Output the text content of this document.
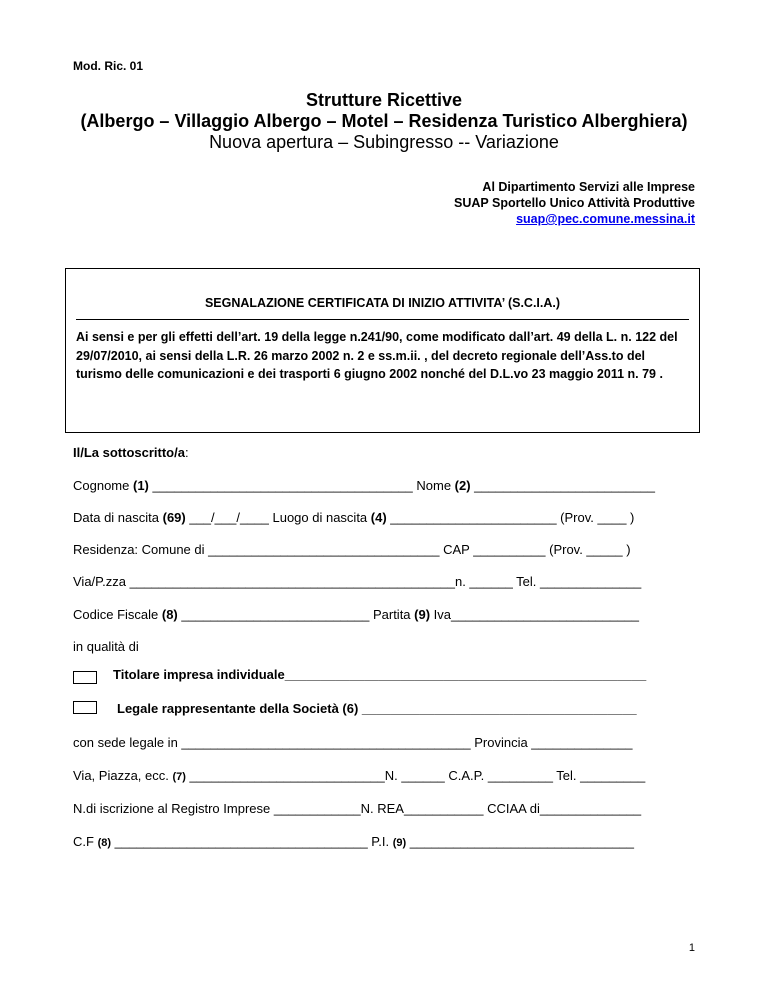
Mod. Ric. 01
Strutture Ricettive
(Albergo – Villaggio Albergo – Motel – Residenza Turistico Alberghiera)
Nuova apertura – Subingresso -- Variazione
Al Dipartimento Servizi alle Imprese
SUAP Sportello Unico Attività Produttive
suap@pec.comune.messina.it
SEGNALAZIONE CERTIFICATA DI INIZIO ATTIVITA’ (S.C.I.A.)
Ai sensi e per gli effetti dell’art. 19 della legge n.241/90, come modificato dall’art. 49 della L. n. 122 del 29/07/2010, ai sensi della L.R. 26 marzo 2002 n. 2 e ss.m.ii. , del decreto regionale dell’Ass.to del turismo delle comunicazioni e dei trasporti 6 giugno 2002 nonché del D.L.vo 23 maggio 2011 n. 79 .
Il/La sottoscritto/a:
Cognome (1) ____________________________________ Nome (2) _________________________
Data di nascita (69) ___/___/____ Luogo di nascita (4) _______________________ (Prov. ____ )
Residenza: Comune di ________________________________ CAP __________ (Prov. _____ )
Via/P.zza _____________________________________________n. ______ Tel. ______________
Codice Fiscale (8) __________________________ Partita (9) Iva__________________________
in qualità di
Titolare impresa individuale__________________________________________________
Legale rappresentante della Società (6) ______________________________________
con sede legale in ________________________________________ Provincia ______________
Via, Piazza, ecc. (7) ___________________________N. ______ C.A.P. _________ Tel. _________
N.di iscrizione al Registro Imprese ____________N. REA___________ CCIAA di______________
C.F (8) ___________________________________ P.I. (9) _______________________________
1
